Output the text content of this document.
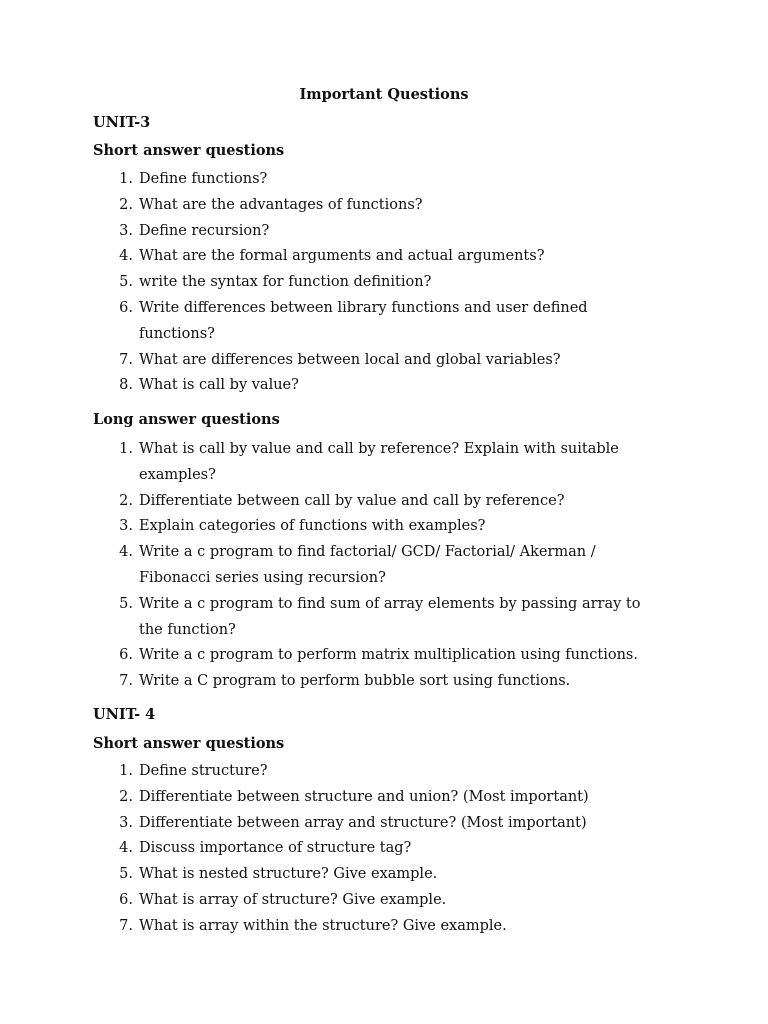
Important Questions
UNIT-3
Short answer questions
1. Define functions?
2. What are the advantages of functions?
3. Define recursion?
4. What are the formal arguments and actual arguments?
5. write the syntax for function definition?
6. Write differences between library functions and user defined functions?
7. What are differences between local and global variables?
8. What is call by value?
Long answer questions
1. What is call by value and call by reference? Explain with suitable examples?
2. Differentiate between call by value and call by reference?
3. Explain categories of functions with examples?
4. Write a c program to find factorial/ GCD/ Factorial/ Akerman / Fibonacci series using recursion?
5. Write a c program to find sum of array elements by passing array to the function?
6. Write a c program to perform matrix multiplication using functions.
7. Write a C program to perform bubble sort using functions.
UNIT- 4
Short answer questions
1. Define structure?
2. Differentiate between structure and union? (Most important)
3. Differentiate between array and structure? (Most important)
4. Discuss importance of structure tag?
5. What is nested structure? Give example.
6. What is array of structure? Give example.
7. What is array within the structure? Give example.
